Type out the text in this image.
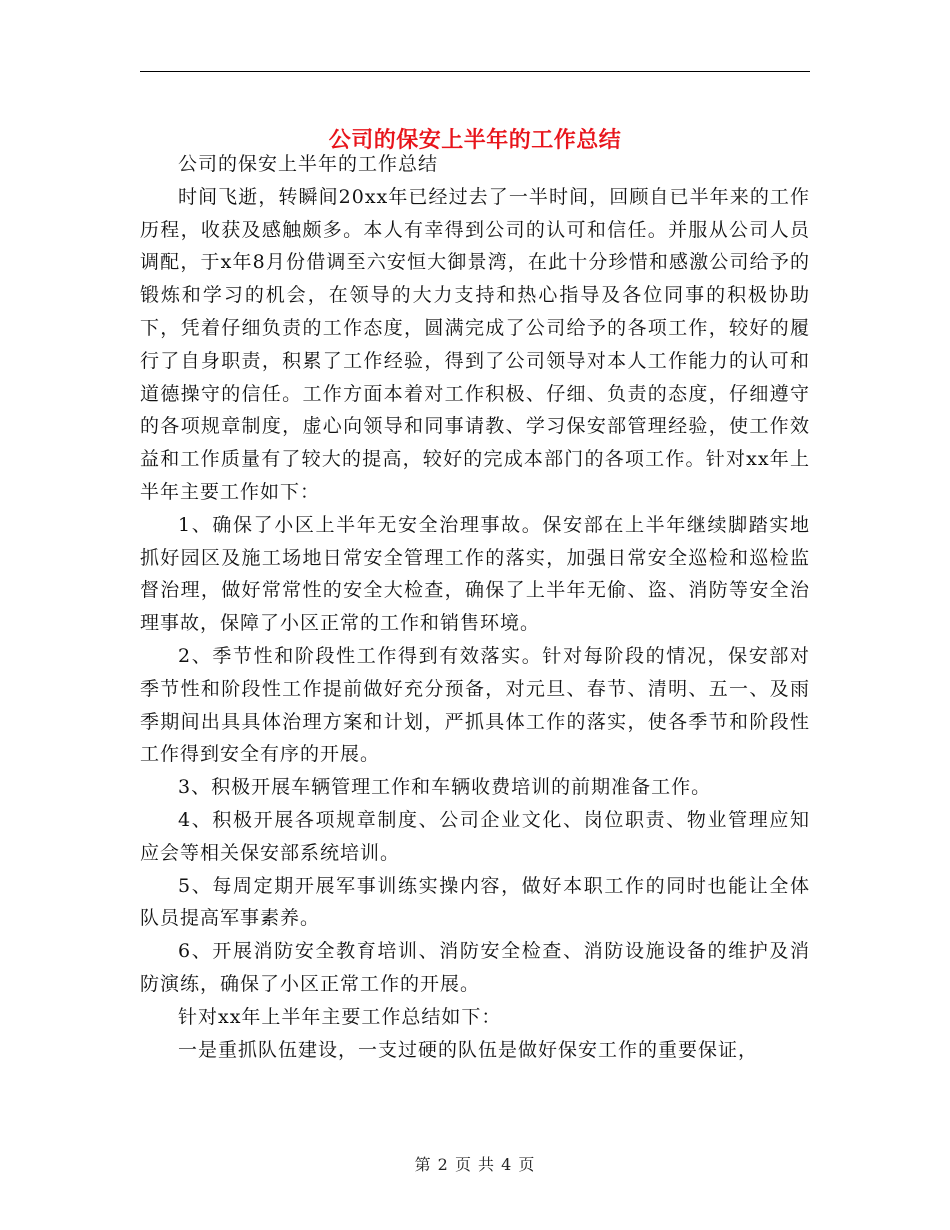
公司的保安上半年的工作总结

公司的保安上半年的工作总结

时间飞逝，转瞬间20xx年已经过去了一半时间，回顾自已半年来的工作历程，收获及感触颇多。本人有幸得到公司的认可和信任。并服从公司人员调配，于x年8月份借调至六安恒大御景湾，在此十分珍惜和感激公司给予的锻炼和学习的机会，在领导的大力支持和热心指导及各位同事的积极协助下，凭着仔细负责的工作态度，圆满完成了公司给予的各项工作，较好的履行了自身职责，积累了工作经验，得到了公司领导对本人工作能力的认可和道德操守的信任。工作方面本着对工作积极、仔细、负责的态度，仔细遵守的各项规章制度，虚心向领导和同事请教、学习保安部管理经验，使工作效益和工作质量有了较大的提高，较好的完成本部门的各项工作。针对xx年上半年主要工作如下：

1、确保了小区上半年无安全治理事故。保安部在上半年继续脚踏实地抓好园区及施工场地日常安全管理工作的落实，加强日常安全巡检和巡检监督治理，做好常常性的安全大检查，确保了上半年无偷、盗、消防等安全治理事故，保障了小区正常的工作和销售环境。

2、季节性和阶段性工作得到有效落实。针对每阶段的情况，保安部对季节性和阶段性工作提前做好充分预备，对元旦、春节、清明、五一、及雨季期间出具具体治理方案和计划，严抓具体工作的落实，使各季节和阶段性工作得到安全有序的开展。

3、积极开展车辆管理工作和车辆收费培训的前期准备工作。

4、积极开展各项规章制度、公司企业文化、岗位职责、物业管理应知应会等相关保安部系统培训。

5、每周定期开展军事训练实操内容，做好本职工作的同时也能让全体队员提高军事素养。

6、开展消防安全教育培训、消防安全检查、消防设施设备的维护及消防演练，确保了小区正常工作的开展。

针对xx年上半年主要工作总结如下：

一是重抓队伍建设，一支过硬的队伍是做好保安工作的重要保证，

第 2 页 共 4 页
